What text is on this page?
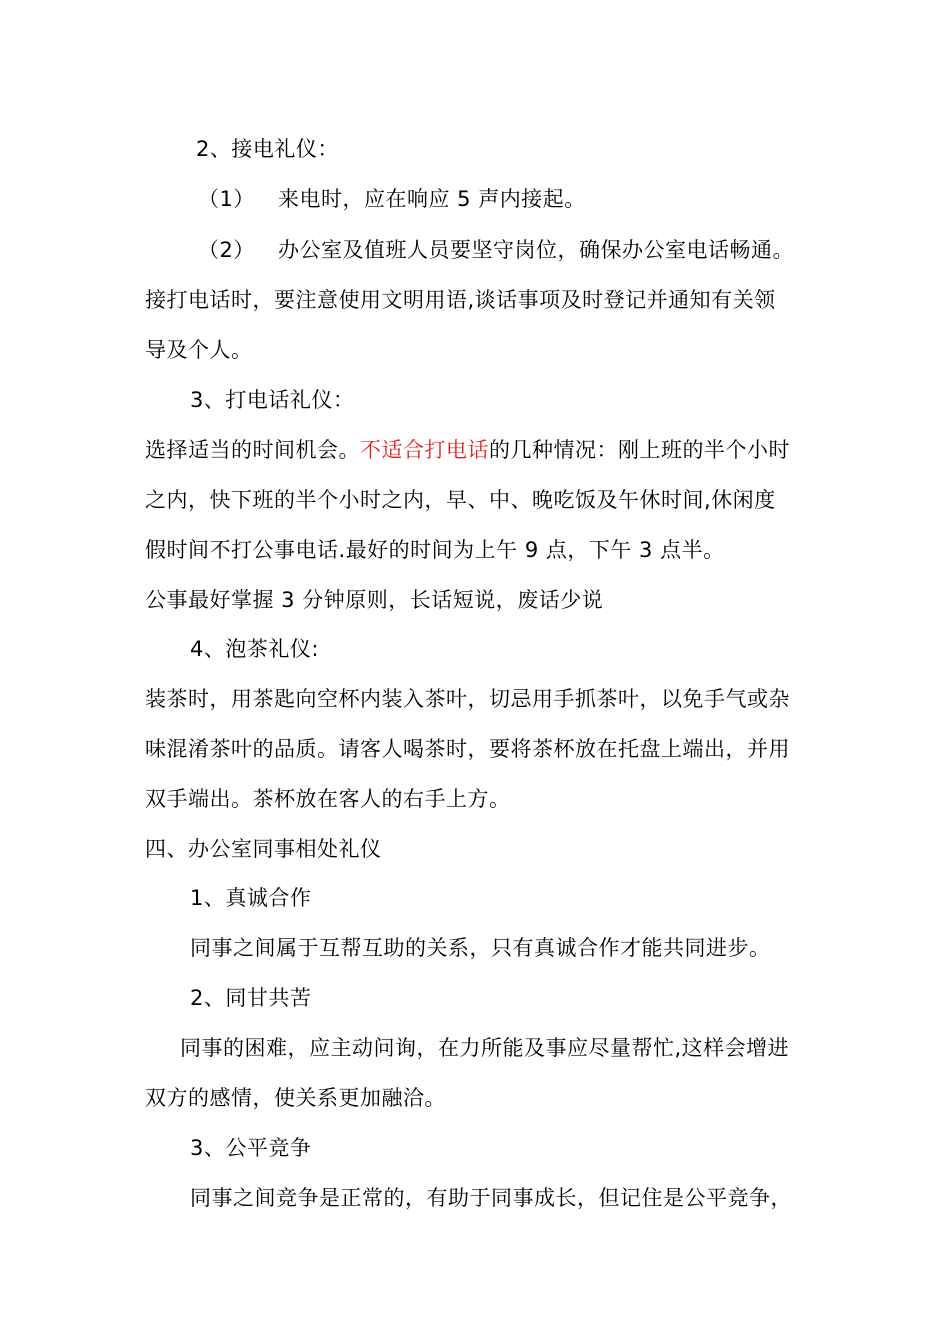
2、接电礼仪：
（1） 来电时，应在响应 5 声内接起。
（2） 办公室及值班人员要坚守岗位，确保办公室电话畅通。
接打电话时，要注意使用文明用语,谈话事项及时登记并通知有关领
导及个人。
3、打电话礼仪：
选择适当的时间机会。不适合打电话的几种情况：刚上班的半个小时
之内，快下班的半个小时之内，早、中、晚吃饭及午休时间,休闲度
假时间不打公事电话.最好的时间为上午 9 点，下午 3 点半。
公事最好掌握 3 分钟原则，长话短说，废话少说
4、泡茶礼仪:
装茶时，用茶匙向空杯内装入茶叶，切忌用手抓茶叶，以免手气或杂
味混淆茶叶的品质。请客人喝茶时，要将茶杯放在托盘上端出，并用
双手端出。茶杯放在客人的右手上方。
四、办公室同事相处礼仪
1、真诚合作
同事之间属于互帮互助的关系，只有真诚合作才能共同进步。
2、同甘共苦
同事的困难，应主动问询，在力所能及事应尽量帮忙,这样会增进
双方的感情，使关系更加融洽。
3、公平竞争
同事之间竞争是正常的，有助于同事成长，但记住是公平竞争，
